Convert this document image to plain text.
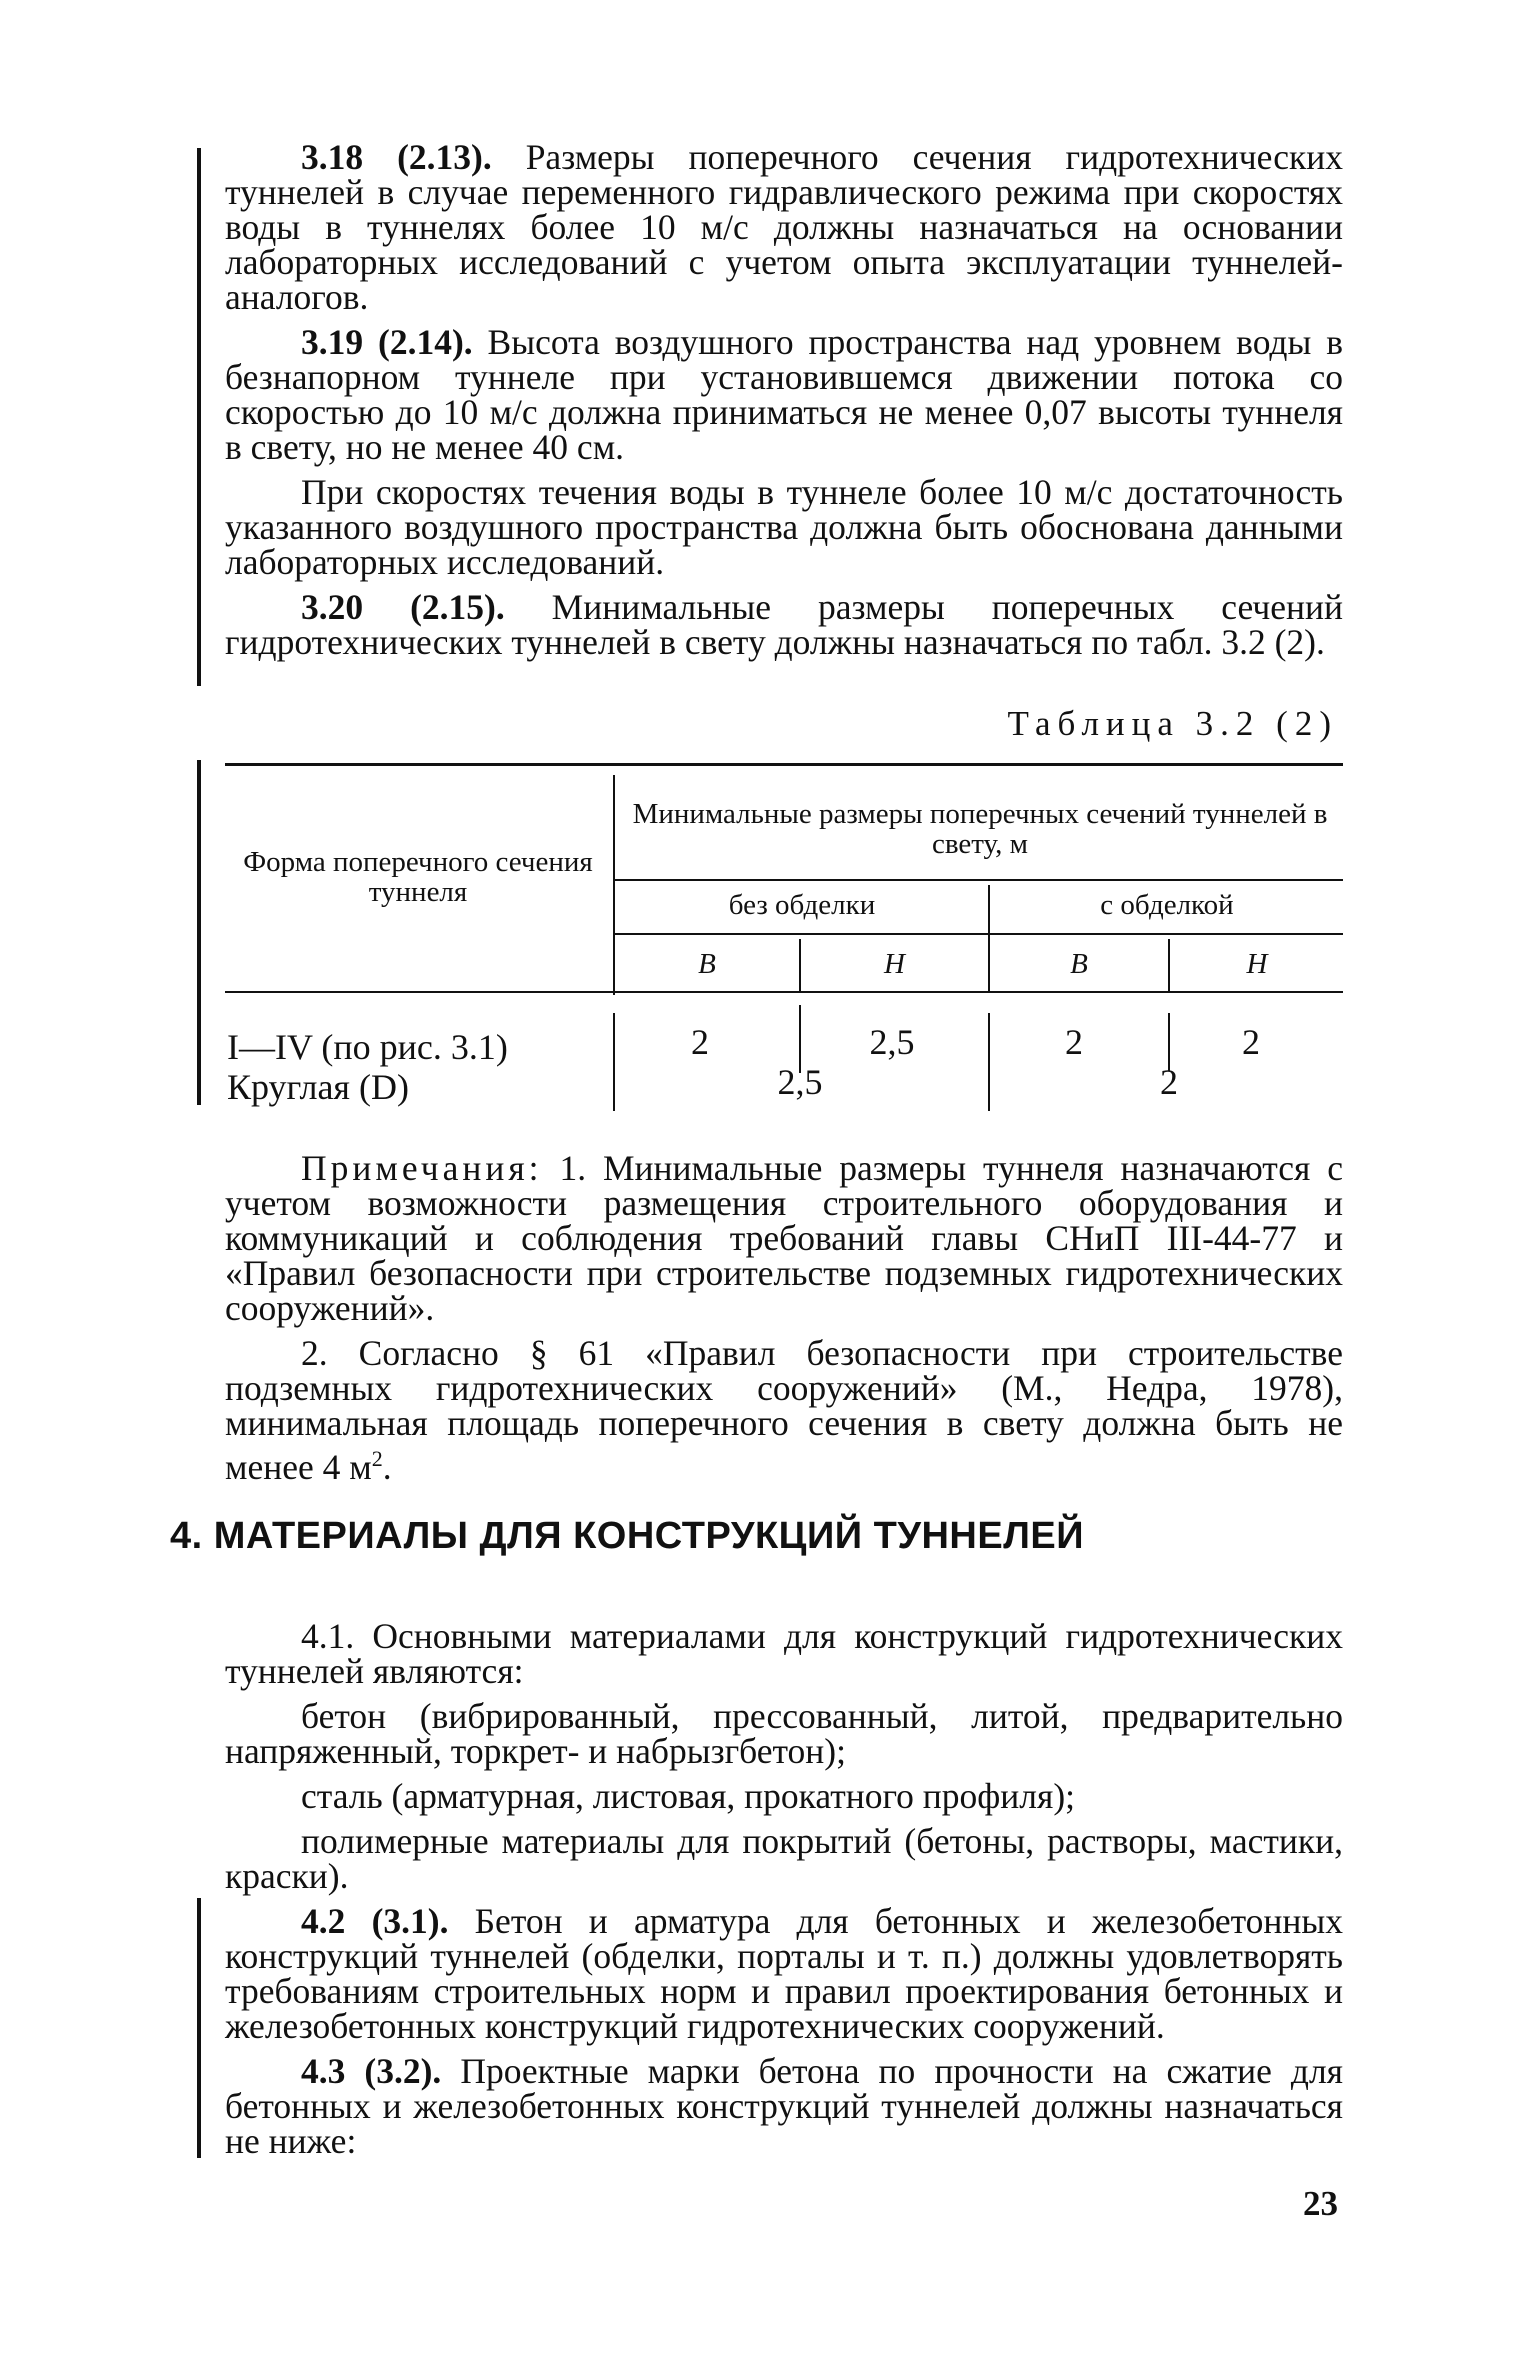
3.18 (2.13). Размеры поперечного сечения гидротехнических туннелей в случае переменного гидравлического режима при скоростях воды в туннелях более 10 м/с должны назначаться на основании лабораторных исследований с учетом опыта эксплуатации туннелей-аналогов.

3.19 (2.14). Высота воздушного пространства над уровнем воды в безнапорном туннеле при установившемся движении потока со скоростью до 10 м/с должна приниматься не менее 0,07 высоты туннеля в свету, но не менее 40 см.

При скоростях течения воды в туннеле более 10 м/с достаточность указанного воздушного пространства должна быть обоснована данными лабораторных исследований.

3.20 (2.15). Минимальные размеры поперечных сечений гидротехнических туннелей в свету должны назначаться по табл. 3.2 (2).

Таблица 3.2 (2)
Форма поперечного сечения туннеля
Минимальные размеры поперечных сечений туннелей в свету, м
без обделки	с обделкой
B	H	B	H
I—IV (по рис. 3.1)	2	2,5	2	2
Круглая (D)	2,5	2

Примечания: 1. Минимальные размеры туннеля назначаются с учетом возможности размещения строительного оборудования и коммуникаций и соблюдения требований главы СНиП III-44-77 и «Правил безопасности при строительстве подземных гидротехнических сооружений».

2. Согласно § 61 «Правил безопасности при строительстве подземных гидротехнических сооружений» (М., Недра, 1978), минимальная площадь поперечного сечения в свету должна быть не менее 4 $м^2$.

4. МАТЕРИАЛЫ ДЛЯ КОНСТРУКЦИЙ ТУННЕЛЕЙ

4.1. Основными материалами для конструкций гидротехнических туннелей являются:

бетон (вибрированный, прессованный, литой, предварительно напряженный, торкрет- и набрызгбетон);

сталь (арматурная, листовая, прокатного профиля);

полимерные материалы для покрытий (бетоны, растворы, мастики, краски).

4.2 (3.1). Бетон и арматура для бетонных и железобетонных конструкций туннелей (обделки, порталы и т. п.) должны удовлетворять требованиям строительных норм и правил проектирования бетонных и железобетонных конструкций гидротехнических сооружений.

4.3 (3.2). Проектные марки бетона по прочности на сжатие для бетонных и железобетонных конструкций туннелей должны назначаться не ниже:

23
